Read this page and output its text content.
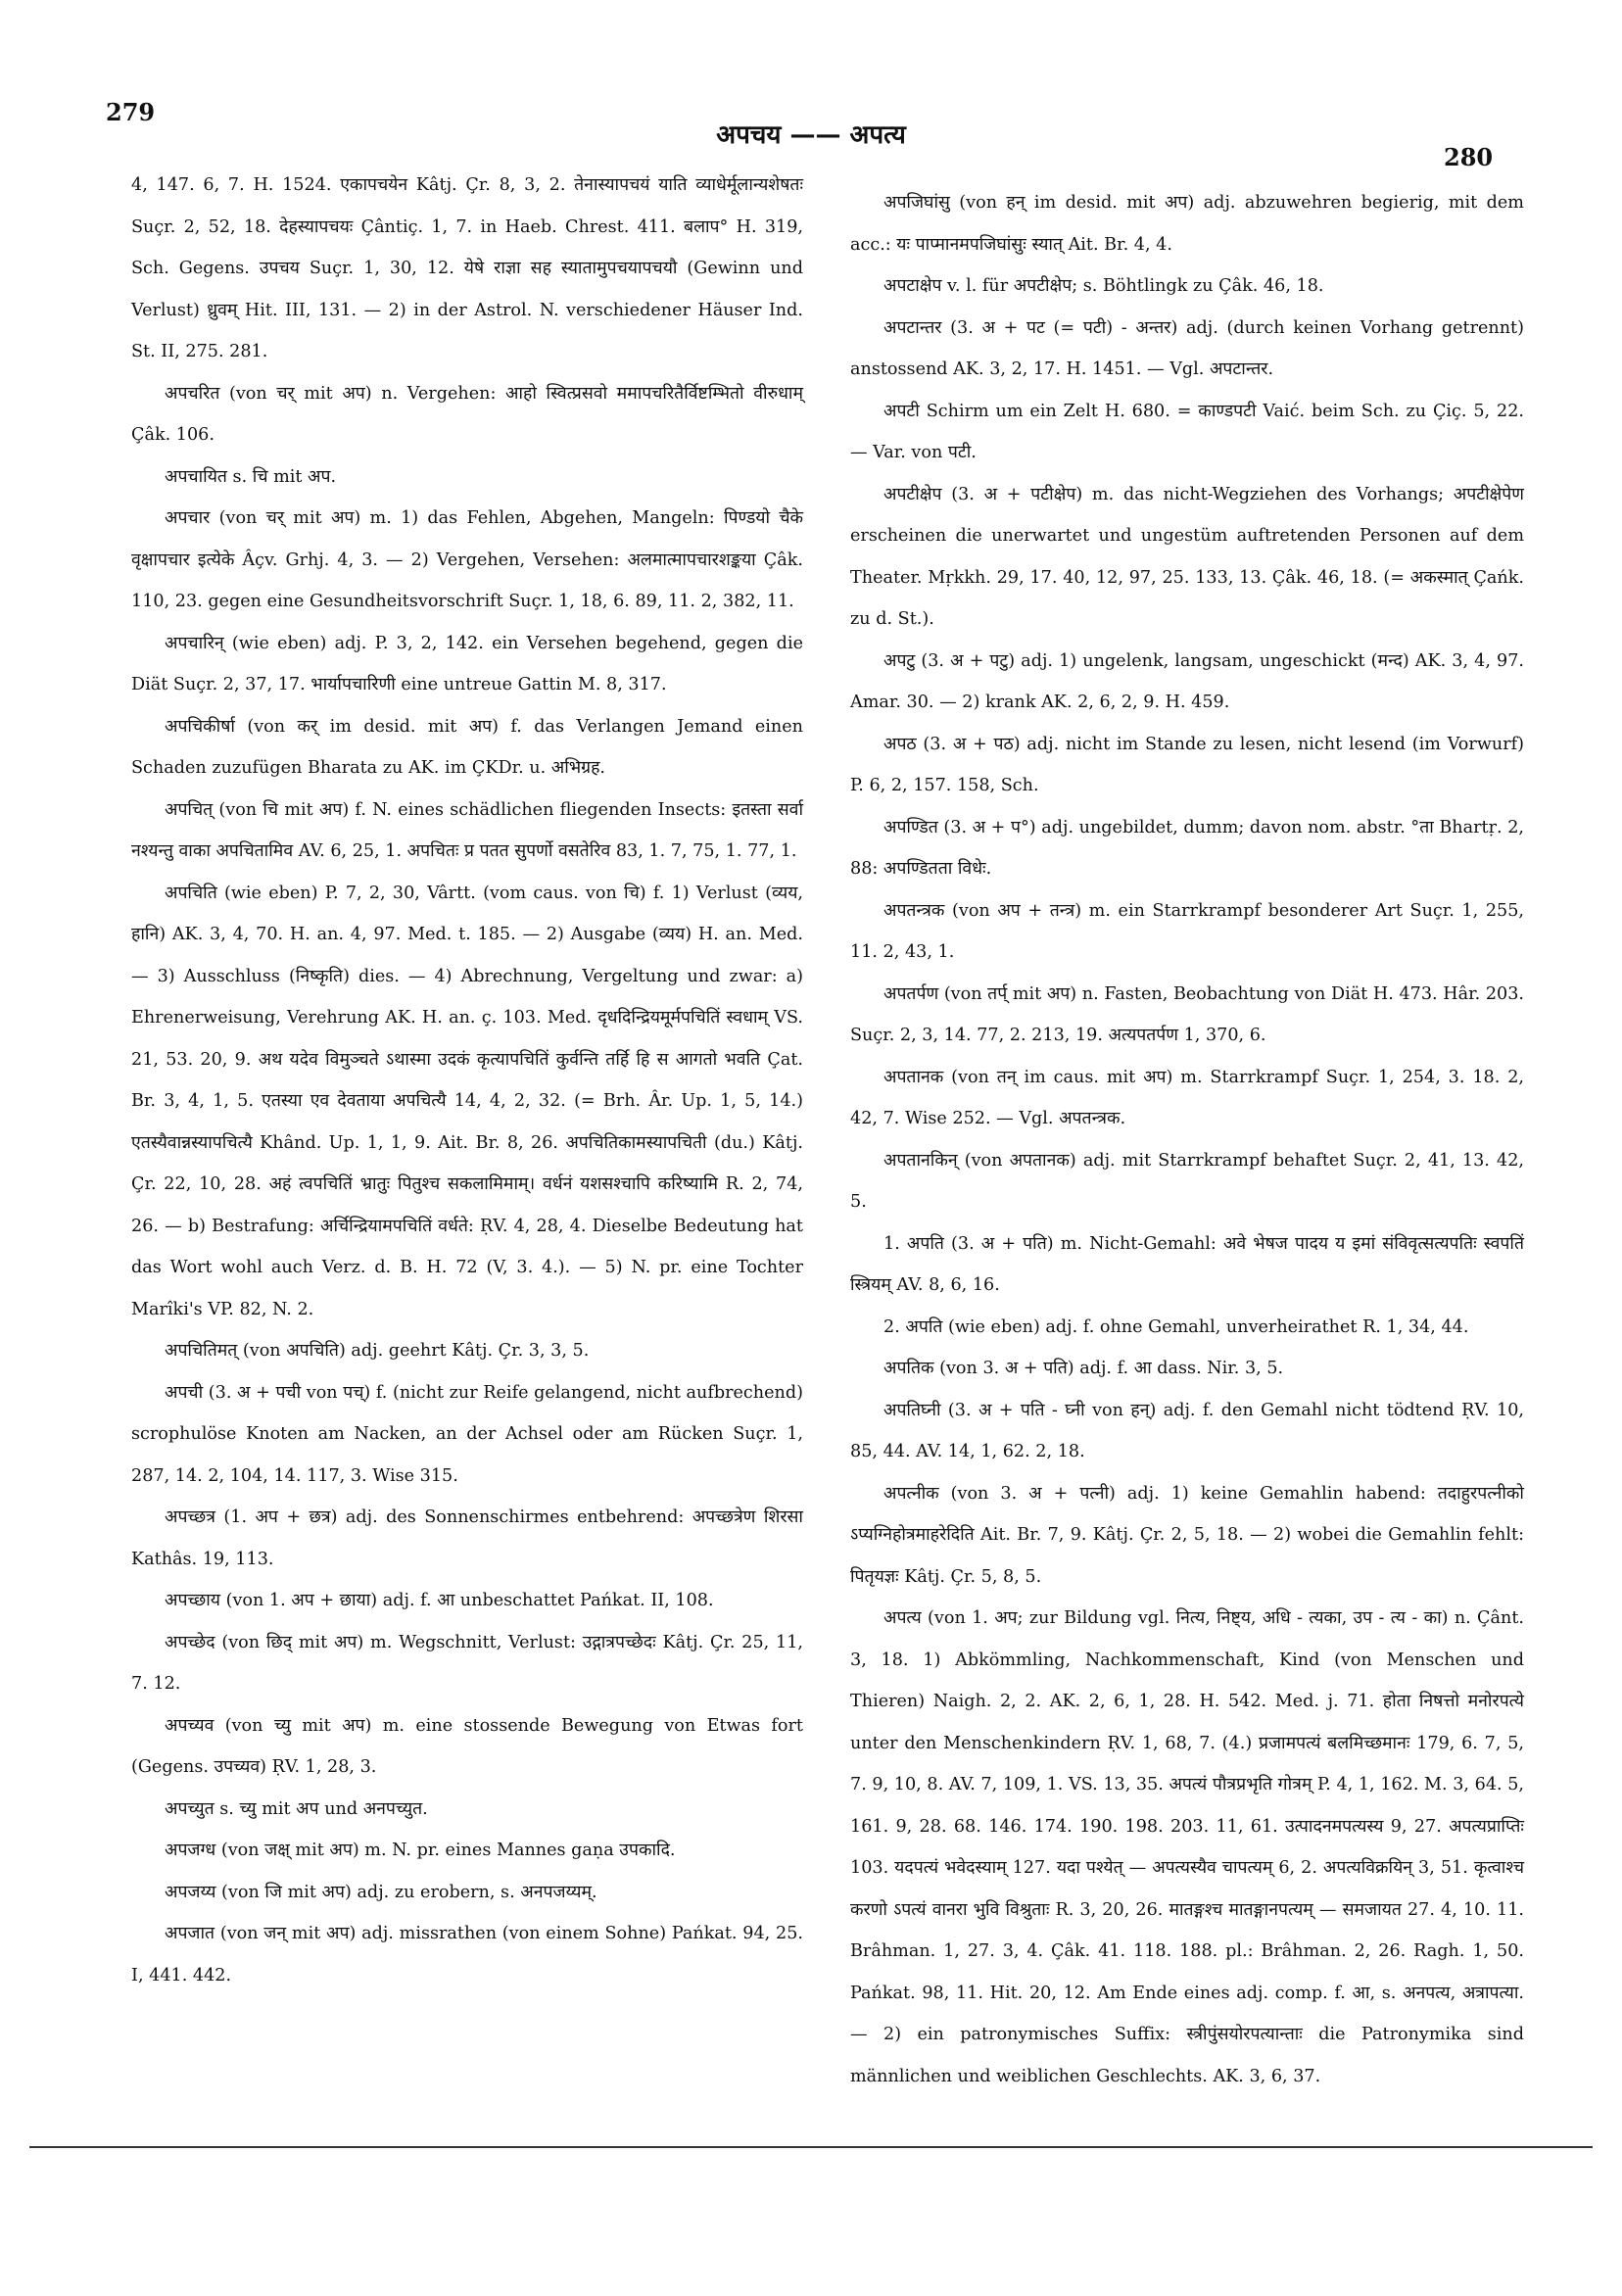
279
अपचय —— अपत्य
280

4, 147. 6, 7. H. 1524. एकापचयेन Kâtj. Çr. 8, 3, 2. तेनास्यापचयं याति व्याधेर्मूलान्यशेषतः Suçr. 2, 52, 18. देहस्यापचयः Çântiç. 1, 7. in Haeb. Chrest. 411. बलाप° H. 319, Sch. Gegens. उपचय Suçr. 1, 30, 12. येषे राज्ञा सह स्यातामुपचयापचयौ (Gewinn und Verlust) ध्रुवम् Hit. III, 131. — 2) in der Astrol. N. verschiedener Häuser Ind. St. II, 275. 281.

अपचरित (von चर् mit अप) n. Vergehen: आहो स्वित्प्रसवो ममापचरितैर्विष्टम्भितो वीरुधाम् Çâk. 106.

अपचायित s. चि mit अप.

अपचार (von चर् mit अप) m. 1) das Fehlen, Abgehen, Mangeln: पिण्डयो चैके वृक्षापचार इत्येके Âçv. Grhj. 4, 3. — 2) Vergehen, Versehen: अलमात्मापचारशङ्कया Çâk. 110, 23. gegen eine Gesundheitsvorschrift Suçr. 1, 18, 6. 89, 11. 2, 382, 11.

अपचारिन् (wie eben) adj. P. 3, 2, 142. ein Versehen begehend, gegen die Diät Suçr. 2, 37, 17. भार्यापचारिणी eine untreue Gattin M. 8, 317.

अपचिकीर्षा (von कर् im desid. mit अप) f. das Verlangen Jemand einen Schaden zuzufügen Bharata zu AK. im ÇKDr. u. अभिग्रह.

अपचित् (von चि mit अप) f. N. eines schädlichen fliegenden Insects: इतस्ता सर्वा नश्यन्तु वाका अपचितामिव AV. 6, 25, 1. अपचितः प्र पतत सुपर्णो वसतेरिव 83, 1. 7, 75, 1. 77, 1.

अपचिति (wie eben) P. 7, 2, 30, Vârtt. (vom caus. von चि) f. 1) Verlust (व्यय, हानि) AK. 3, 4, 70. H. an. 4, 97. Med. t. 185. — 2) Ausgabe (व्यय) H. an. Med. — 3) Ausschluss (निष्कृति) dies. — 4) Abrechnung, Vergeltung und zwar: a) Ehrenerweisung, Verehrung AK. H. an. ç. 103. Med. दृधदिन्द्रियमूर्मपचितिं स्वधाम् VS. 21, 53. 20, 9. अथ यदेव विमुञ्चते ऽथास्मा उदकं कृत्यापचितिं कुर्वन्ति तर्हि हि स आगतो भवति Çat. Br. 3, 4, 1, 5. एतस्या एव देवताया अपचित्यै 14, 4, 2, 32. (= Brh. Âr. Up. 1, 5, 14.) एतस्यैवान्नस्यापचित्यै Khând. Up. 1, 1, 9. Ait. Br. 8, 26. अपचितिकामस्यापचिती (du.) Kâtj. Çr. 22, 10, 28. अहं त्वपचितिं भ्रातुः पितुश्च सकलामिमाम्। वर्धनं यशसश्चापि करिष्यामि R. 2, 74, 26. — b) Bestrafung: अर्चिन्द्रियामपचितिं वर्धते: ṚV. 4, 28, 4. Dieselbe Bedeutung hat das Wort wohl auch Verz. d. B. H. 72 (V, 3. 4.). — 5) N. pr. eine Tochter Marîki's VP. 82, N. 2.

अपचितिमत् (von अपचिति) adj. geehrt Kâtj. Çr. 3, 3, 5.

अपची (3. अ + पची von पच्) f. (nicht zur Reife gelangend, nicht aufbrechend) scrophulöse Knoten am Nacken, an der Achsel oder am Rücken Suçr. 1, 287, 14. 2, 104, 14. 117, 3. Wise 315.

अपच्छत्र (1. अप + छत्र) adj. des Sonnenschirmes entbehrend: अपच्छत्रेण शिरसा Kathâs. 19, 113.

अपच्छाय (von 1. अप + छाया) adj. f. आ unbeschattet Pańkat. II, 108.

अपच्छेद (von छिद् mit अप) m. Wegschnitt, Verlust: उद्गात्रपच्छेदः Kâtj. Çr. 25, 11, 7. 12.

अपच्यव (von च्यु mit अप) m. eine stossende Bewegung von Etwas fort (Gegens. उपच्यव) ṚV. 1, 28, 3.

अपच्युत s. च्यु mit अप und अनपच्युत.

अपजग्ध (von जक्ष् mit अप) m. N. pr. eines Mannes gaṇa उपकादि.

अपजय्य (von जि mit अप) adj. zu erobern, s. अनपजय्यम्.

अपजात (von जन् mit अप) adj. missrathen (von einem Sohne) Pańkat. 94, 25. I, 441. 442.

अपजिघांसु (von हन् im desid. mit अप) adj. abzuwehren begierig, mit dem acc.: यः पाप्मानमपजिघांसुः स्यात् Ait. Br. 4, 4.

अपटाक्षेप v. l. für अपटीक्षेप; s. Böhtlingk zu Çâk. 46, 18.

अपटान्तर (3. अ + पट (= पटी) - अन्तर) adj. (durch keinen Vorhang getrennt) anstossend AK. 3, 2, 17. H. 1451. — Vgl. अपटान्तर.

अपटी Schirm um ein Zelt H. 680. = काण्डपटी Vaić. beim Sch. zu Çiç. 5, 22. — Var. von पटी.

अपटीक्षेप (3. अ + पटीक्षेप) m. das nicht-Wegziehen des Vorhangs; अपटीक्षेपेण erscheinen die unerwartet und ungestüm auftretenden Personen auf dem Theater. Mṛkkh. 29, 17. 40, 12, 97, 25. 133, 13. Çâk. 46, 18. (= अकस्मात् Çańk. zu d. St.).

अपटु (3. अ + पटु) adj. 1) ungelenk, langsam, ungeschickt (मन्द) AK. 3, 4, 97. Amar. 30. — 2) krank AK. 2, 6, 2, 9. H. 459.

अपठ (3. अ + पठ) adj. nicht im Stande zu lesen, nicht lesend (im Vorwurf) P. 6, 2, 157. 158, Sch.

अपण्डित (3. अ + प°) adj. ungebildet, dumm; davon nom. abstr. °ता Bhartṛ. 2, 88: अपण्डितता विधेः.

अपतन्त्रक (von अप + तन्त्र) m. ein Starrkrampf besonderer Art Suçr. 1, 255, 11. 2, 43, 1.

अपतर्पण (von तर्प् mit अप) n. Fasten, Beobachtung von Diät H. 473. Hâr. 203. Suçr. 2, 3, 14. 77, 2. 213, 19. अत्यपतर्पण 1, 370, 6.

अपतानक (von तन् im caus. mit अप) m. Starrkrampf Suçr. 1, 254, 3. 18. 2, 42, 7. Wise 252. — Vgl. अपतन्त्रक.

अपतानकिन् (von अपतानक) adj. mit Starrkrampf behaftet Suçr. 2, 41, 13. 42, 5.

1. अपति (3. अ + पति) m. Nicht-Gemahl: अवे भेषज पादय य इमां संविवृत्सत्यपतिः स्वपतिं स्त्रियम् AV. 8, 6, 16.

2. अपति (wie eben) adj. f. ohne Gemahl, unverheirathet R. 1, 34, 44.

अपतिक (von 3. अ + पति) adj. f. आ dass. Nir. 3, 5.

अपतिघ्नी (3. अ + पति - घ्नी von हन्) adj. f. den Gemahl nicht tödtend ṚV. 10, 85, 44. AV. 14, 1, 62. 2, 18.

अपत्नीक (von 3. अ + पत्नी) adj. 1) keine Gemahlin habend: तदाहुरपत्नीको ऽप्यग्निहोत्रमाहरेदिति Ait. Br. 7, 9. Kâtj. Çr. 2, 5, 18. — 2) wobei die Gemahlin fehlt: पितृयज्ञः Kâtj. Çr. 5, 8, 5.

अपत्य (von 1. अप; zur Bildung vgl. नित्य, निष्ट्य, अधि - त्यका, उप - त्य - का) n. Çânt. 3, 18. 1) Abkömmling, Nachkommenschaft, Kind (von Menschen und Thieren) Naigh. 2, 2. AK. 2, 6, 1, 28. H. 542. Med. j. 71. होता निषत्तो मनोरपत्ये unter den Menschenkindern ṚV. 1, 68, 7. (4.) प्रजामपत्यं बलमिच्छमानः 179, 6. 7, 5, 7. 9, 10, 8. AV. 7, 109, 1. VS. 13, 35. अपत्यं पौत्रप्रभृति गोत्रम् P. 4, 1, 162. M. 3, 64. 5, 161. 9, 28. 68. 146. 174. 190. 198. 203. 11, 61. उत्पादनमपत्यस्य 9, 27. अपत्यप्राप्तिः 103. यदपत्यं भवेदस्याम् 127. यदा पश्येत् — अपत्यस्यैव चापत्यम् 6, 2. अपत्यविक्रयिन् 3, 51. कृत्वाश्च करणो ऽपत्यं वानरा भुवि विश्रुताः R. 3, 20, 26. मातङ्गश्च मातङ्गानपत्यम् — समजायत 27. 4, 10. 11. Brâhman. 1, 27. 3, 4. Çâk. 41. 118. 188. pl.: Brâhman. 2, 26. Ragh. 1, 50. Pańkat. 98, 11. Hit. 20, 12. Am Ende eines adj. comp. f. आ, s. अनपत्य, अत्रापत्या. — 2) ein patronymisches Suffix: स्त्रीपुंसयोरपत्यान्ताः die Patronymika sind männlichen und weiblichen Geschlechts. AK. 3, 6, 37.
